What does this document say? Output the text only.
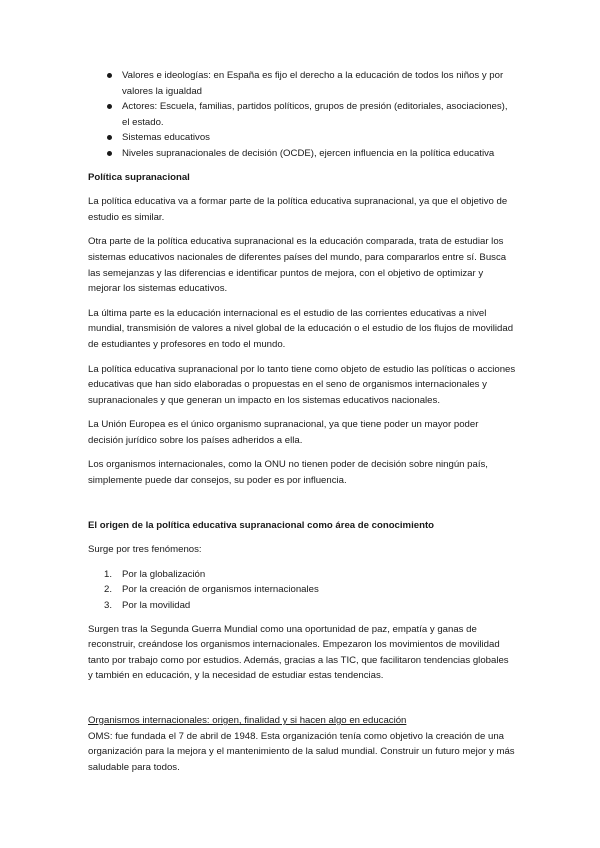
Valores e ideologías: en España es fijo el derecho a la educación de todos los niños y por valores la igualdad
Actores: Escuela, familias, partidos políticos, grupos de presión (editoriales, asociaciones), el estado.
Sistemas educativos
Niveles supranacionales de decisión (OCDE), ejercen influencia en la política educativa

Política supranacional

La política educativa va a formar parte de la política educativa supranacional, ya que el objetivo de estudio es similar.

Otra parte de la política educativa supranacional es la educación comparada, trata de estudiar los sistemas educativos nacionales de diferentes países del mundo, para compararlos entre sí. Busca las semejanzas y las diferencias e identificar puntos de mejora, con el objetivo de optimizar y mejorar los sistemas educativos.

La última parte es la educación internacional es el estudio de las corrientes educativas a nivel mundial, transmisión de valores a nivel global de la educación o el estudio de los flujos de movilidad de estudiantes y profesores en todo el mundo.

La política educativa supranacional por lo tanto tiene como objeto de estudio las políticas o acciones educativas que han sido elaboradas o propuestas en el seno de organismos internacionales y supranacionales y que generan un impacto en los sistemas educativos nacionales.

La Unión Europea es el único organismo supranacional, ya que tiene poder un mayor poder decisión jurídico sobre los países adheridos a ella.

Los organismos internacionales, como la ONU no tienen poder de decisión sobre ningún país, simplemente puede dar consejos, su poder es por influencia.

El origen de la política educativa supranacional como área de conocimiento

Surge por tres fenómenos:

1. Por la globalización
2. Por la creación de organismos internacionales
3. Por la movilidad

Surgen tras la Segunda Guerra Mundial como una oportunidad de paz, empatía y ganas de reconstruir, creándose los organismos internacionales. Empezaron los movimientos de movilidad tanto por trabajo como por estudios. Además, gracias a las TIC, que facilitaron tendencias globales y también en educación, y la necesidad de estudiar estas tendencias.

Organismos internacionales: origen, finalidad y si hacen algo en educación

OMS: fue fundada el 7 de abril de 1948. Esta organización tenía como objetivo la creación de una organización para la mejora y el mantenimiento de la salud mundial. Construir un futuro mejor y más saludable para todos.
